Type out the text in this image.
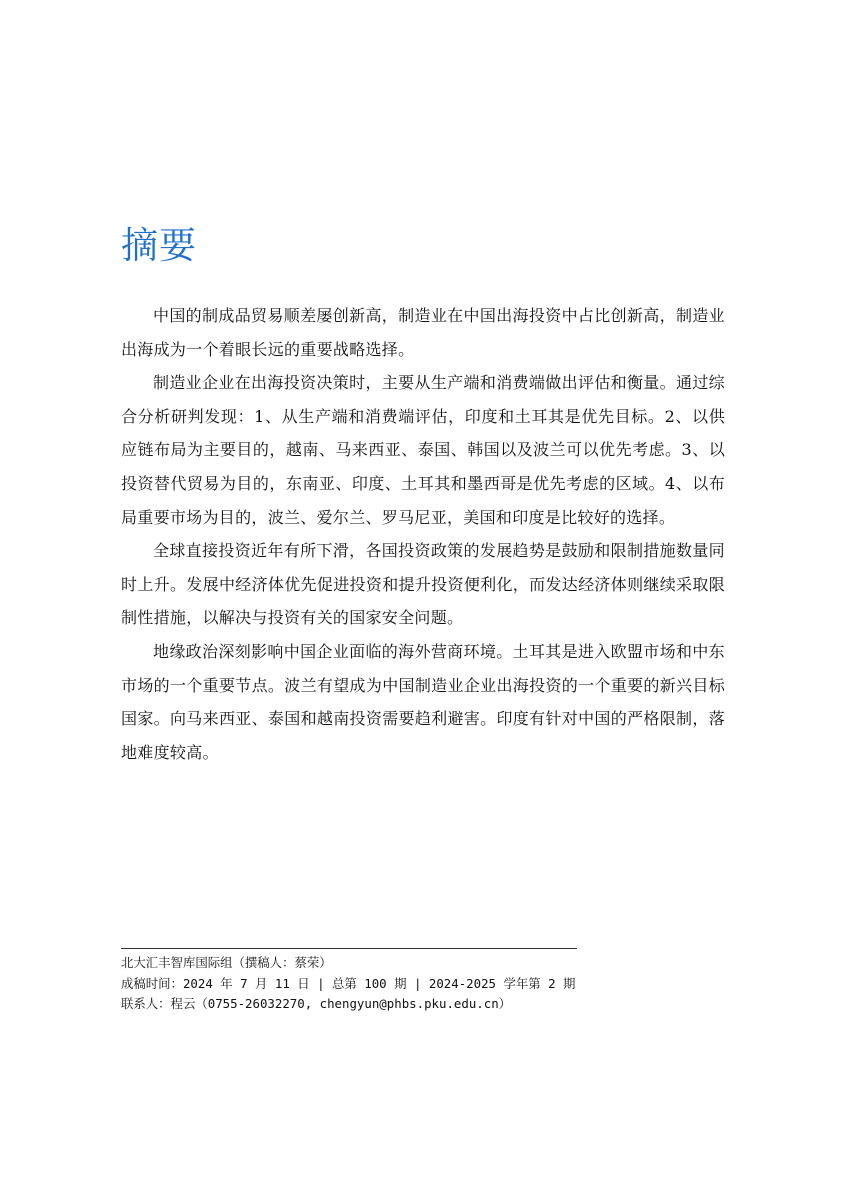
摘要

中国的制成品贸易顺差屡创新高，制造业在中国出海投资中占比创新高，制造业出海成为一个着眼长远的重要战略选择。

制造业企业在出海投资决策时，主要从生产端和消费端做出评估和衡量。通过综合分析研判发现：1、从生产端和消费端评估，印度和土耳其是优先目标。2、以供应链布局为主要目的，越南、马来西亚、泰国、韩国以及波兰可以优先考虑。3、以投资替代贸易为目的，东南亚、印度、土耳其和墨西哥是优先考虑的区域。4、以布局重要市场为目的，波兰、爱尔兰、罗马尼亚，美国和印度是比较好的选择。

全球直接投资近年有所下滑，各国投资政策的发展趋势是鼓励和限制措施数量同时上升。发展中经济体优先促进投资和提升投资便利化，而发达经济体则继续采取限制性措施，以解决与投资有关的国家安全问题。

地缘政治深刻影响中国企业面临的海外营商环境。土耳其是进入欧盟市场和中东市场的一个重要节点。波兰有望成为中国制造业企业出海投资的一个重要的新兴目标国家。向马来西亚、泰国和越南投资需要趋利避害。印度有针对中国的严格限制，落地难度较高。

北大汇丰智库国际组（撰稿人：蔡荣）

成稿时间：2024 年 7 月 11 日 | 总第 100 期 | 2024-2025 学年第 2 期

联系人：程云（0755-26032270, chengyun@phbs.pku.edu.cn）
